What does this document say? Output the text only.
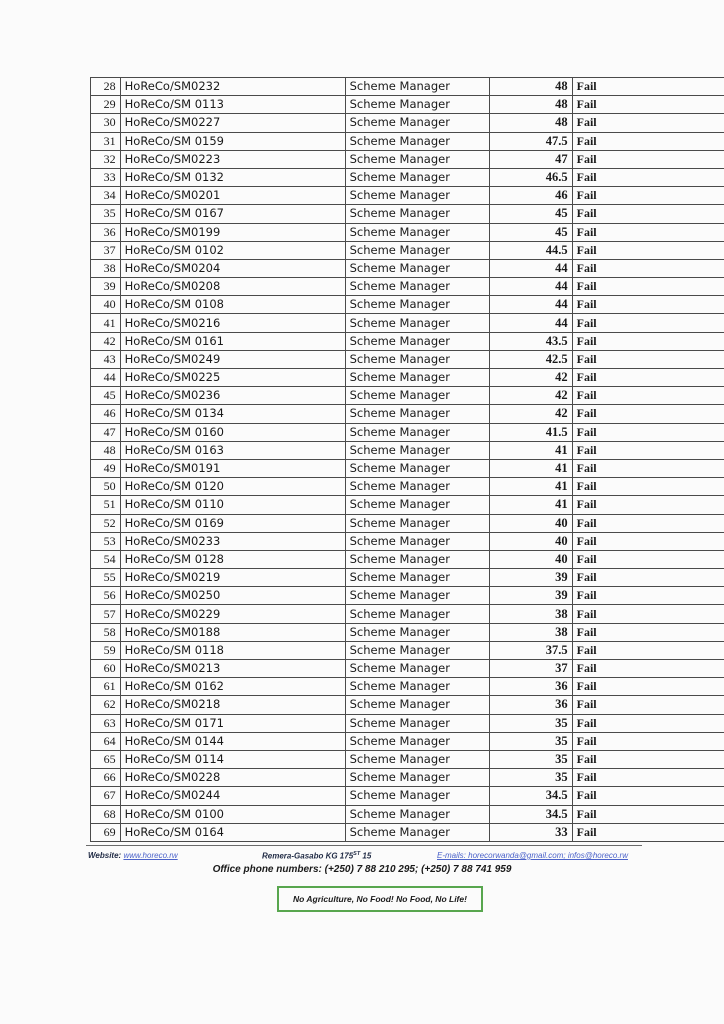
28	HoReCo/SM0232	Scheme Manager	48	Fail
29	HoReCo/SM 0113	Scheme Manager	48	Fail
30	HoReCo/SM0227	Scheme Manager	48	Fail
31	HoReCo/SM 0159	Scheme Manager	47.5	Fail
32	HoReCo/SM0223	Scheme Manager	47	Fail
33	HoReCo/SM 0132	Scheme Manager	46.5	Fail
34	HoReCo/SM0201	Scheme Manager	46	Fail
35	HoReCo/SM 0167	Scheme Manager	45	Fail
36	HoReCo/SM0199	Scheme Manager	45	Fail
37	HoReCo/SM 0102	Scheme Manager	44.5	Fail
38	HoReCo/SM0204	Scheme Manager	44	Fail
39	HoReCo/SM0208	Scheme Manager	44	Fail
40	HoReCo/SM 0108	Scheme Manager	44	Fail
41	HoReCo/SM0216	Scheme Manager	44	Fail
42	HoReCo/SM 0161	Scheme Manager	43.5	Fail
43	HoReCo/SM0249	Scheme Manager	42.5	Fail
44	HoReCo/SM0225	Scheme Manager	42	Fail
45	HoReCo/SM0236	Scheme Manager	42	Fail
46	HoReCo/SM 0134	Scheme Manager	42	Fail
47	HoReCo/SM 0160	Scheme Manager	41.5	Fail
48	HoReCo/SM 0163	Scheme Manager	41	Fail
49	HoReCo/SM0191	Scheme Manager	41	Fail
50	HoReCo/SM 0120	Scheme Manager	41	Fail
51	HoReCo/SM 0110	Scheme Manager	41	Fail
52	HoReCo/SM 0169	Scheme Manager	40	Fail
53	HoReCo/SM0233	Scheme Manager	40	Fail
54	HoReCo/SM 0128	Scheme Manager	40	Fail
55	HoReCo/SM0219	Scheme Manager	39	Fail
56	HoReCo/SM0250	Scheme Manager	39	Fail
57	HoReCo/SM0229	Scheme Manager	38	Fail
58	HoReCo/SM0188	Scheme Manager	38	Fail
59	HoReCo/SM 0118	Scheme Manager	37.5	Fail
60	HoReCo/SM0213	Scheme Manager	37	Fail
61	HoReCo/SM 0162	Scheme Manager	36	Fail
62	HoReCo/SM0218	Scheme Manager	36	Fail
63	HoReCo/SM 0171	Scheme Manager	35	Fail
64	HoReCo/SM 0144	Scheme Manager	35	Fail
65	HoReCo/SM 0114	Scheme Manager	35	Fail
66	HoReCo/SM0228	Scheme Manager	35	Fail
67	HoReCo/SM0244	Scheme Manager	34.5	Fail
68	HoReCo/SM 0100	Scheme Manager	34.5	Fail
69	HoReCo/SM 0164	Scheme Manager	33	Fail
Website: www.horeco.rw	Remera-Gasabo KG 175ST 15	E-mails: horecorwanda@gmail.com; infos@horeco.rw
Office phone numbers: (+250) 7 88 210 295; (+250) 7 88 741 959
No Agriculture, No Food! No Food, No Life!
